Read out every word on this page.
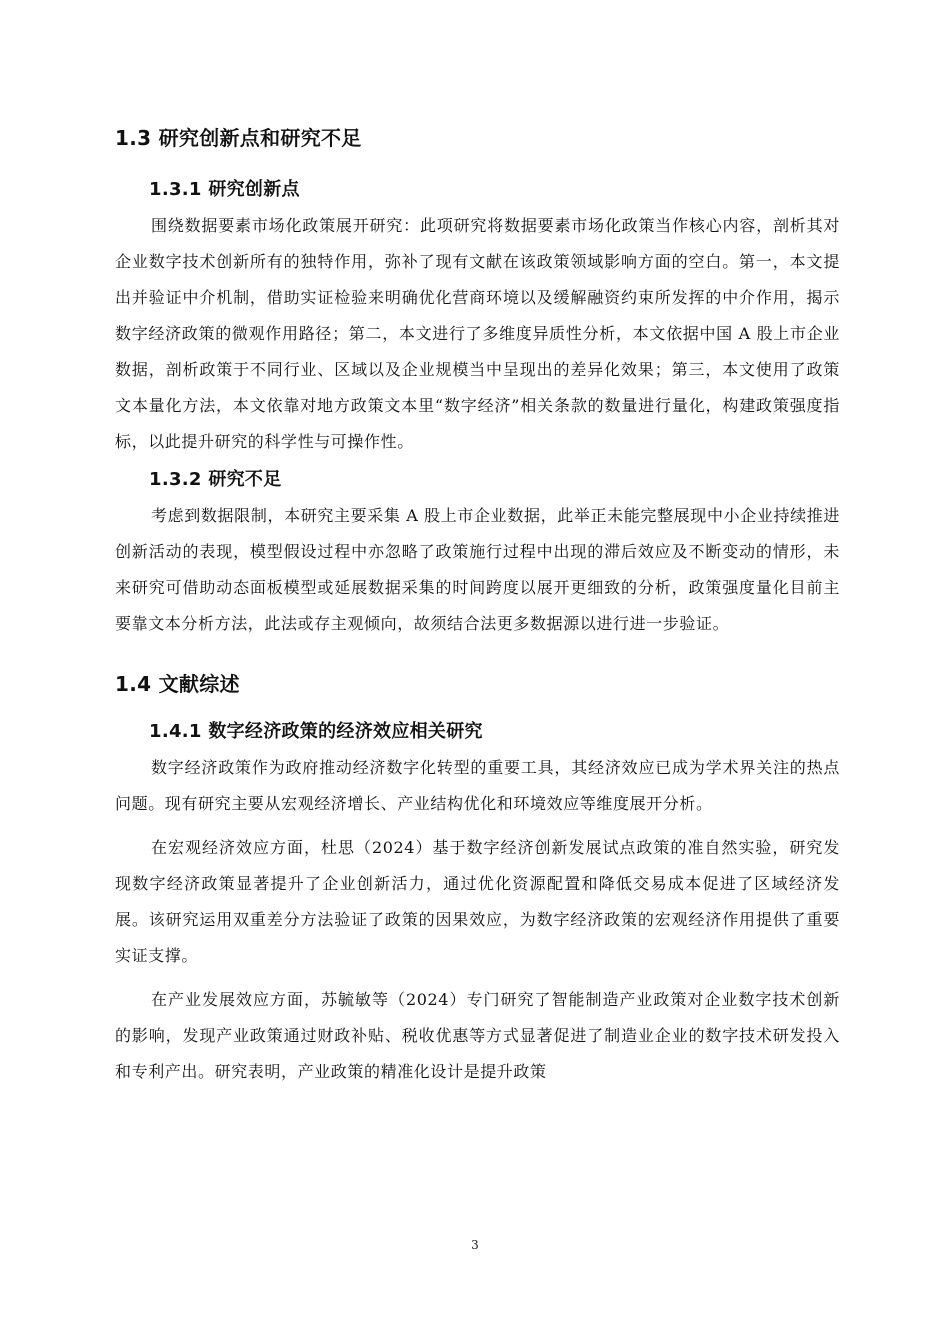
1.3 研究创新点和研究不足
1.3.1 研究创新点

围绕数据要素市场化政策展开研究：此项研究将数据要素市场化政策当作核心内容，剖析其对企业数字技术创新所有的独特作用，弥补了现有文献在该政策领域影响方面的空白。第一，本文提出并验证中介机制，借助实证检验来明确优化营商环境以及缓解融资约束所发挥的中介作用，揭示数字经济政策的微观作用路径；第二，本文进行了多维度异质性分析，本文依据中国 A 股上市企业数据，剖析政策于不同行业、区域以及企业规模当中呈现出的差异化效果；第三，本文使用了政策文本量化方法，本文依靠对地方政策文本里“数字经济”相关条款的数量进行量化，构建政策强度指标，以此提升研究的科学性与可操作性。

1.3.2 研究不足

考虑到数据限制，本研究主要采集 A 股上市企业数据，此举正未能完整展现中小企业持续推进创新活动的表现，模型假设过程中亦忽略了政策施行过程中出现的滞后效应及不断变动的情形，未来研究可借助动态面板模型或延展数据采集的时间跨度以展开更细致的分析，政策强度量化目前主要靠文本分析方法，此法或存主观倾向，故须结合法更多数据源以进行进一步验证。

1.4 文献综述
1.4.1 数字经济政策的经济效应相关研究

数字经济政策作为政府推动经济数字化转型的重要工具，其经济效应已成为学术界关注的热点问题。现有研究主要从宏观经济增长、产业结构优化和环境效应等维度展开分析。

在宏观经济效应方面，杜思（2024）基于数字经济创新发展试点政策的准自然实验，研究发现数字经济政策显著提升了企业创新活力，通过优化资源配置和降低交易成本促进了区域经济发展。该研究运用双重差分方法验证了政策的因果效应，为数字经济政策的宏观经济作用提供了重要实证支撑。

在产业发展效应方面，苏毓敏等（2024）专门研究了智能制造产业政策对企业数字技术创新的影响，发现产业政策通过财政补贴、税收优惠等方式显著促进了制造业企业的数字技术研发投入和专利产出。研究表明，产业政策的精准化设计是提升政策

3
